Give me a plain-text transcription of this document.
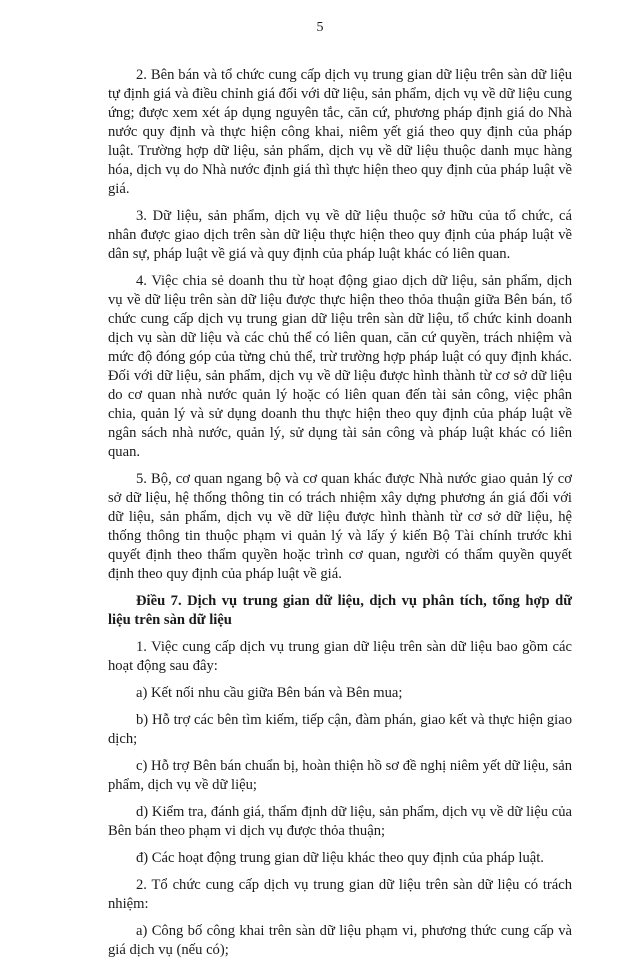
5

2. Bên bán và tổ chức cung cấp dịch vụ trung gian dữ liệu trên sàn dữ liệu tự định giá và điều chỉnh giá đối với dữ liệu, sản phẩm, dịch vụ về dữ liệu cung ứng; được xem xét áp dụng nguyên tắc, căn cứ, phương pháp định giá do Nhà nước quy định và thực hiện công khai, niêm yết giá theo quy định của pháp luật. Trường hợp dữ liệu, sản phẩm, dịch vụ về dữ liệu thuộc danh mục hàng hóa, dịch vụ do Nhà nước định giá thì thực hiện theo quy định của pháp luật về giá.

3. Dữ liệu, sản phẩm, dịch vụ về dữ liệu thuộc sở hữu của tổ chức, cá nhân được giao dịch trên sàn dữ liệu thực hiện theo quy định của pháp luật về dân sự, pháp luật về giá và quy định của pháp luật khác có liên quan.

4. Việc chia sẻ doanh thu từ hoạt động giao dịch dữ liệu, sản phẩm, dịch vụ về dữ liệu trên sàn dữ liệu được thực hiện theo thỏa thuận giữa Bên bán, tổ chức cung cấp dịch vụ trung gian dữ liệu trên sàn dữ liệu, tổ chức kinh doanh dịch vụ sàn dữ liệu và các chủ thể có liên quan, căn cứ quyền, trách nhiệm và mức độ đóng góp của từng chủ thể, trừ trường hợp pháp luật có quy định khác. Đối với dữ liệu, sản phẩm, dịch vụ về dữ liệu được hình thành từ cơ sở dữ liệu do cơ quan nhà nước quản lý hoặc có liên quan đến tài sản công, việc phân chia, quản lý và sử dụng doanh thu thực hiện theo quy định của pháp luật về ngân sách nhà nước, quản lý, sử dụng tài sản công và pháp luật khác có liên quan.

5. Bộ, cơ quan ngang bộ và cơ quan khác được Nhà nước giao quản lý cơ sở dữ liệu, hệ thống thông tin có trách nhiệm xây dựng phương án giá đối với dữ liệu, sản phẩm, dịch vụ về dữ liệu được hình thành từ cơ sở dữ liệu, hệ thống thông tin thuộc phạm vi quản lý và lấy ý kiến Bộ Tài chính trước khi quyết định theo thẩm quyền hoặc trình cơ quan, người có thẩm quyền quyết định theo quy định của pháp luật về giá.

Điều 7. Dịch vụ trung gian dữ liệu, dịch vụ phân tích, tổng hợp dữ liệu trên sàn dữ liệu

1. Việc cung cấp dịch vụ trung gian dữ liệu trên sàn dữ liệu bao gồm các hoạt động sau đây:

a) Kết nối nhu cầu giữa Bên bán và Bên mua;

b) Hỗ trợ các bên tìm kiếm, tiếp cận, đàm phán, giao kết và thực hiện giao dịch;

c) Hỗ trợ Bên bán chuẩn bị, hoàn thiện hồ sơ đề nghị niêm yết dữ liệu, sản phẩm, dịch vụ về dữ liệu;

d) Kiểm tra, đánh giá, thẩm định dữ liệu, sản phẩm, dịch vụ về dữ liệu của Bên bán theo phạm vi dịch vụ được thỏa thuận;

đ) Các hoạt động trung gian dữ liệu khác theo quy định của pháp luật.

2. Tổ chức cung cấp dịch vụ trung gian dữ liệu trên sàn dữ liệu có trách nhiệm:

a) Công bố công khai trên sàn dữ liệu phạm vi, phương thức cung cấp và giá dịch vụ (nếu có);
